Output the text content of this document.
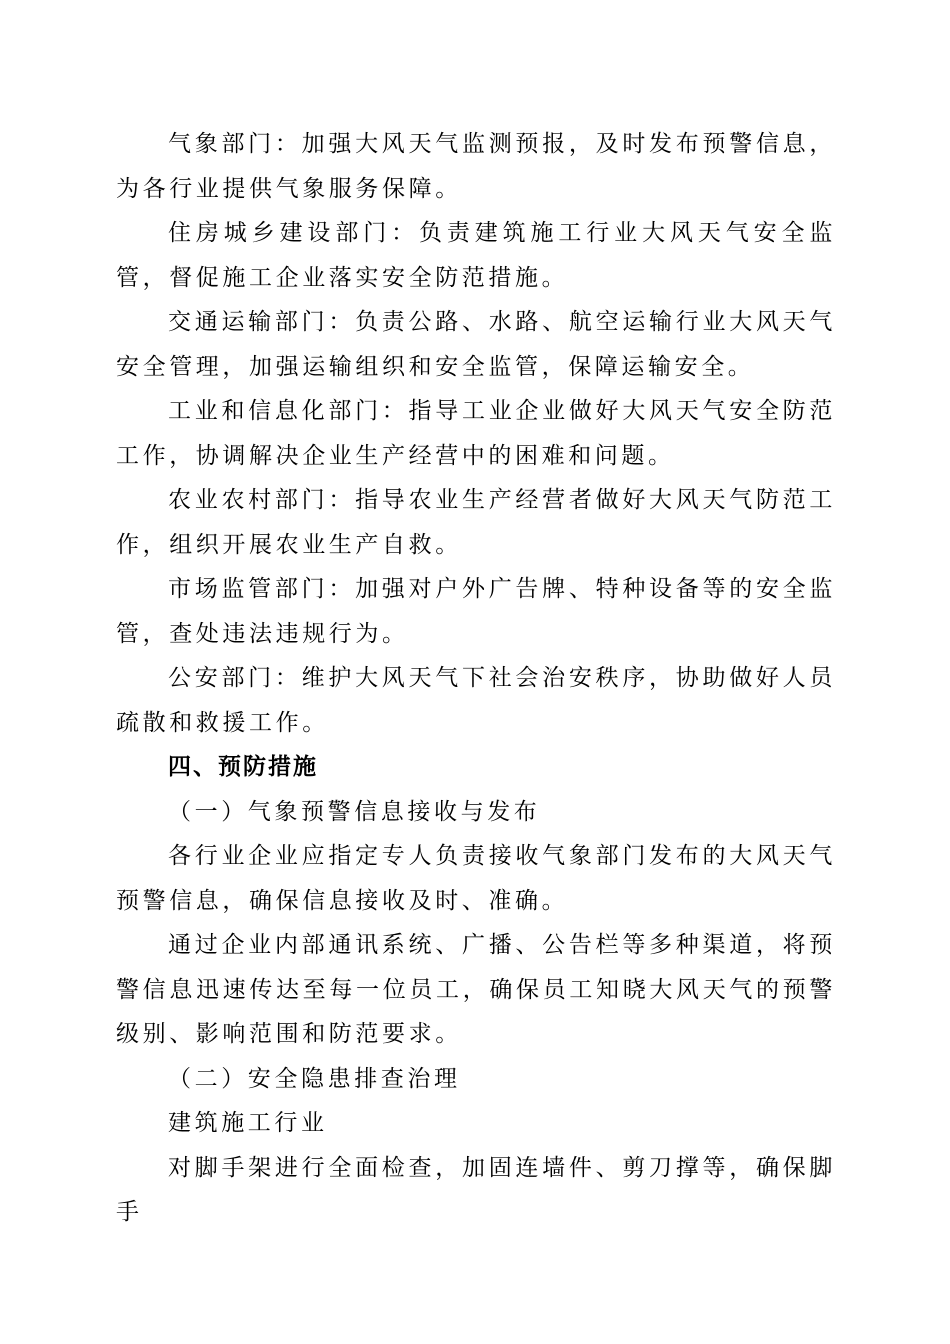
气象部门：加强大风天气监测预报，及时发布预警信息，为各行业提供气象服务保障。

住房城乡建设部门：负责建筑施工行业大风天气安全监管，督促施工企业落实安全防范措施。

交通运输部门：负责公路、水路、航空运输行业大风天气安全管理，加强运输组织和安全监管，保障运输安全。

工业和信息化部门：指导工业企业做好大风天气安全防范工作，协调解决企业生产经营中的困难和问题。

农业农村部门：指导农业生产经营者做好大风天气防范工作，组织开展农业生产自救。

市场监管部门：加强对户外广告牌、特种设备等的安全监管，查处违法违规行为。

公安部门：维护大风天气下社会治安秩序，协助做好人员疏散和救援工作。

四、预防措施

（一）气象预警信息接收与发布

各行业企业应指定专人负责接收气象部门发布的大风天气预警信息，确保信息接收及时、准确。

通过企业内部通讯系统、广播、公告栏等多种渠道，将预警信息迅速传达至每一位员工，确保员工知晓大风天气的预警级别、影响范围和防范要求。

（二）安全隐患排查治理

建筑施工行业

对脚手架进行全面检查，加固连墙件、剪刀撑等，确保脚手
